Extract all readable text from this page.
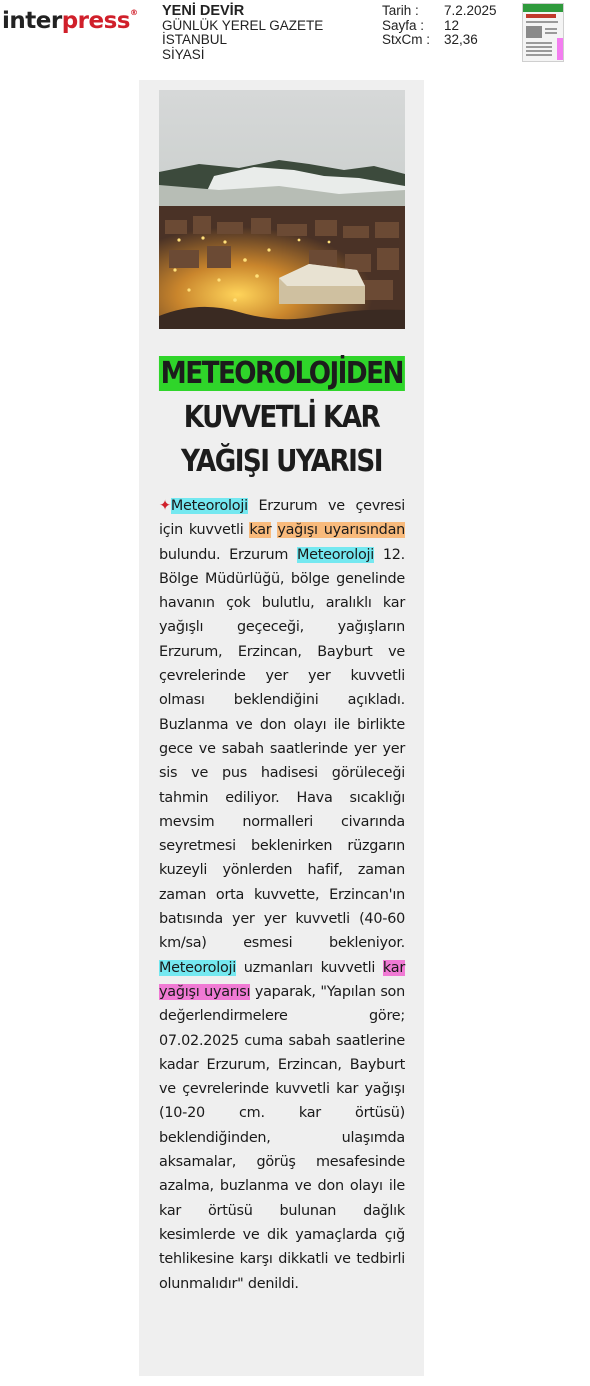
interpress® YENİ DEVİR
GÜNLÜK YEREL GAZETE
İSTANBUL
SİYASİ
Tarih :	7.2.2025
Sayfa :	12
StxCm :	32,36
METEOROLOJİDEN
KUVVETLİ KAR
YAĞIŞI UYARISI
✦Meteoroloji Erzurum ve çevresi için kuvvetli kar yağışı uyarısından bulundu. Erzurum Meteoroloji 12. Bölge Müdürlüğü, bölge genelinde havanın çok bulutlu, aralıklı kar yağışlı geçeceği, yağışların Erzurum, Erzincan, Bayburt ve çevrelerinde yer yer kuvvetli olması beklendiğini açıkladı. Buzlanma ve don olayı ile birlikte gece ve sabah saatlerinde yer yer sis ve pus hadisesi görüleceği tahmin ediliyor. Hava sıcaklığı mevsim normalleri civarında seyretmesi beklenirken rüzgarın kuzeyli yönlerden hafif, zaman zaman orta kuvvette, Erzincan'ın batısında yer yer kuvvetli (40-60 km/sa) esmesi bekleniyor. Meteoroloji uzmanları kuvvetli kar yağışı uyarısı yaparak, "Yapılan son değerlendirmelere göre; 07.02.2025 cuma sabah saatlerine kadar Erzurum, Erzincan, Bayburt ve çevrelerinde kuvvetli kar yağışı (10-20 cm. kar örtüsü) beklendiğinden, ulaşımda aksamalar, görüş mesafesinde azalma, buzlanma ve don olayı ile kar örtüsü bulunan dağlık kesimlerde ve dik yamaçlarda çığ tehlikesine karşı dikkatli ve tedbirli olunmalıdır" denildi.
